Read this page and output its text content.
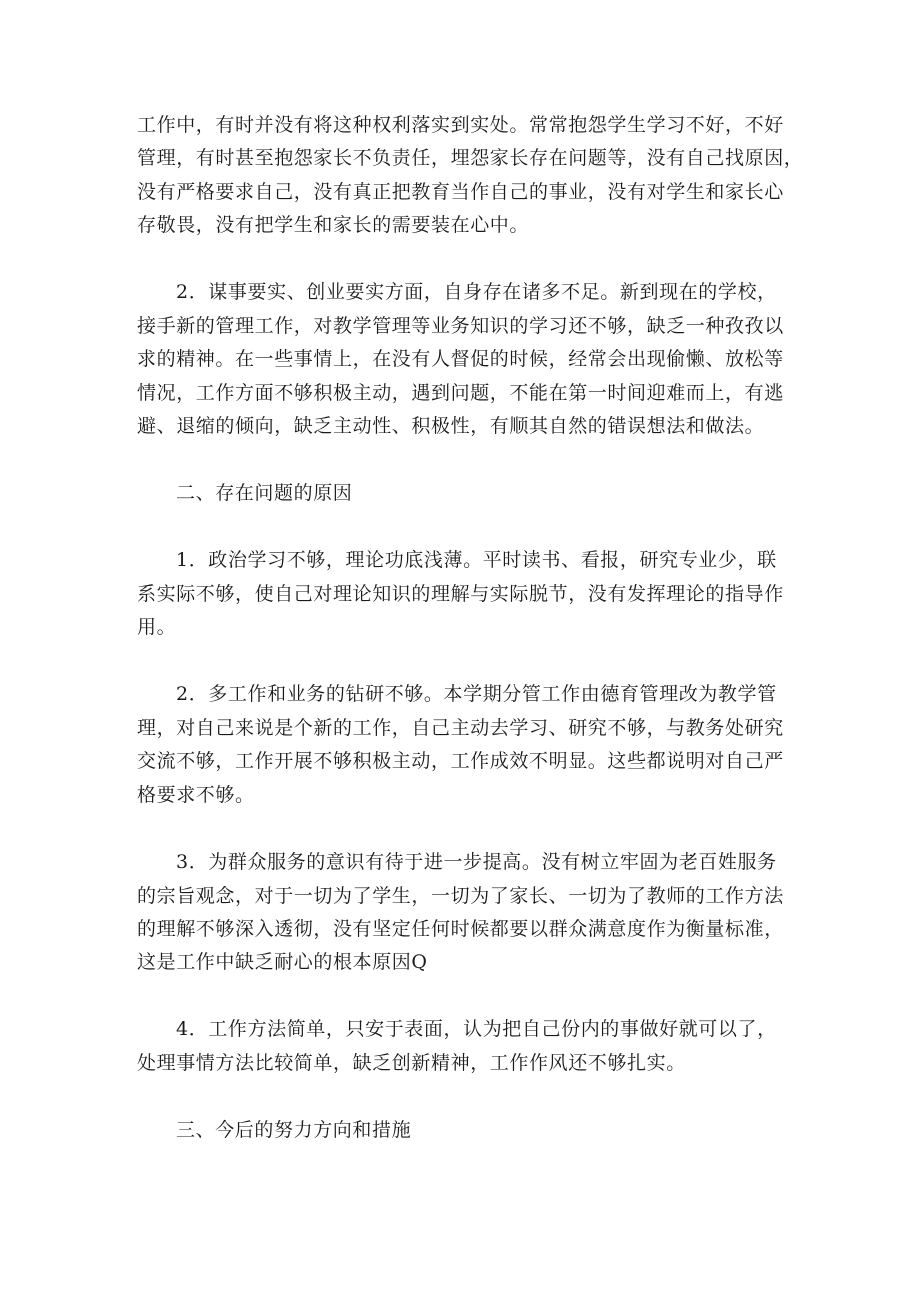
工作中，有时并没有将这种权利落实到实处。常常抱怨学生学习不好，不好
管理，有时甚至抱怨家长不负责任，埋怨家长存在问题等，没有自己找原因，
没有严格要求自己，没有真正把教育当作自己的事业，没有对学生和家长心
存敬畏，没有把学生和家长的需要装在心中。
2．谋事要实、创业要实方面，自身存在诸多不足。新到现在的学校，
接手新的管理工作，对教学管理等业务知识的学习还不够，缺乏一种孜孜以
求的精神。在一些事情上，在没有人督促的时候，经常会出现偷懒、放松等
情况，工作方面不够积极主动，遇到问题，不能在第一时间迎难而上，有逃
避、退缩的倾向，缺乏主动性、积极性，有顺其自然的错误想法和做法。
二、存在问题的原因
1．政治学习不够，理论功底浅薄。平时读书、看报，研究专业少，联
系实际不够，使自己对理论知识的理解与实际脱节，没有发挥理论的指导作
用。
2．多工作和业务的钻研不够。本学期分管工作由德育管理改为教学管
理，对自己来说是个新的工作，自己主动去学习、研究不够，与教务处研究
交流不够，工作开展不够积极主动，工作成效不明显。这些都说明对自己严
格要求不够。
3．为群众服务的意识有待于进一步提高。没有树立牢固为老百姓服务
的宗旨观念，对于一切为了学生，一切为了家长、一切为了教师的工作方法
的理解不够深入透彻，没有坚定任何时候都要以群众满意度作为衡量标准，
这是工作中缺乏耐心的根本原因Q
4．工作方法简单，只安于表面，认为把自己份内的事做好就可以了，
处理事情方法比较简单，缺乏创新精神，工作作风还不够扎实。
三、今后的努力方向和措施
